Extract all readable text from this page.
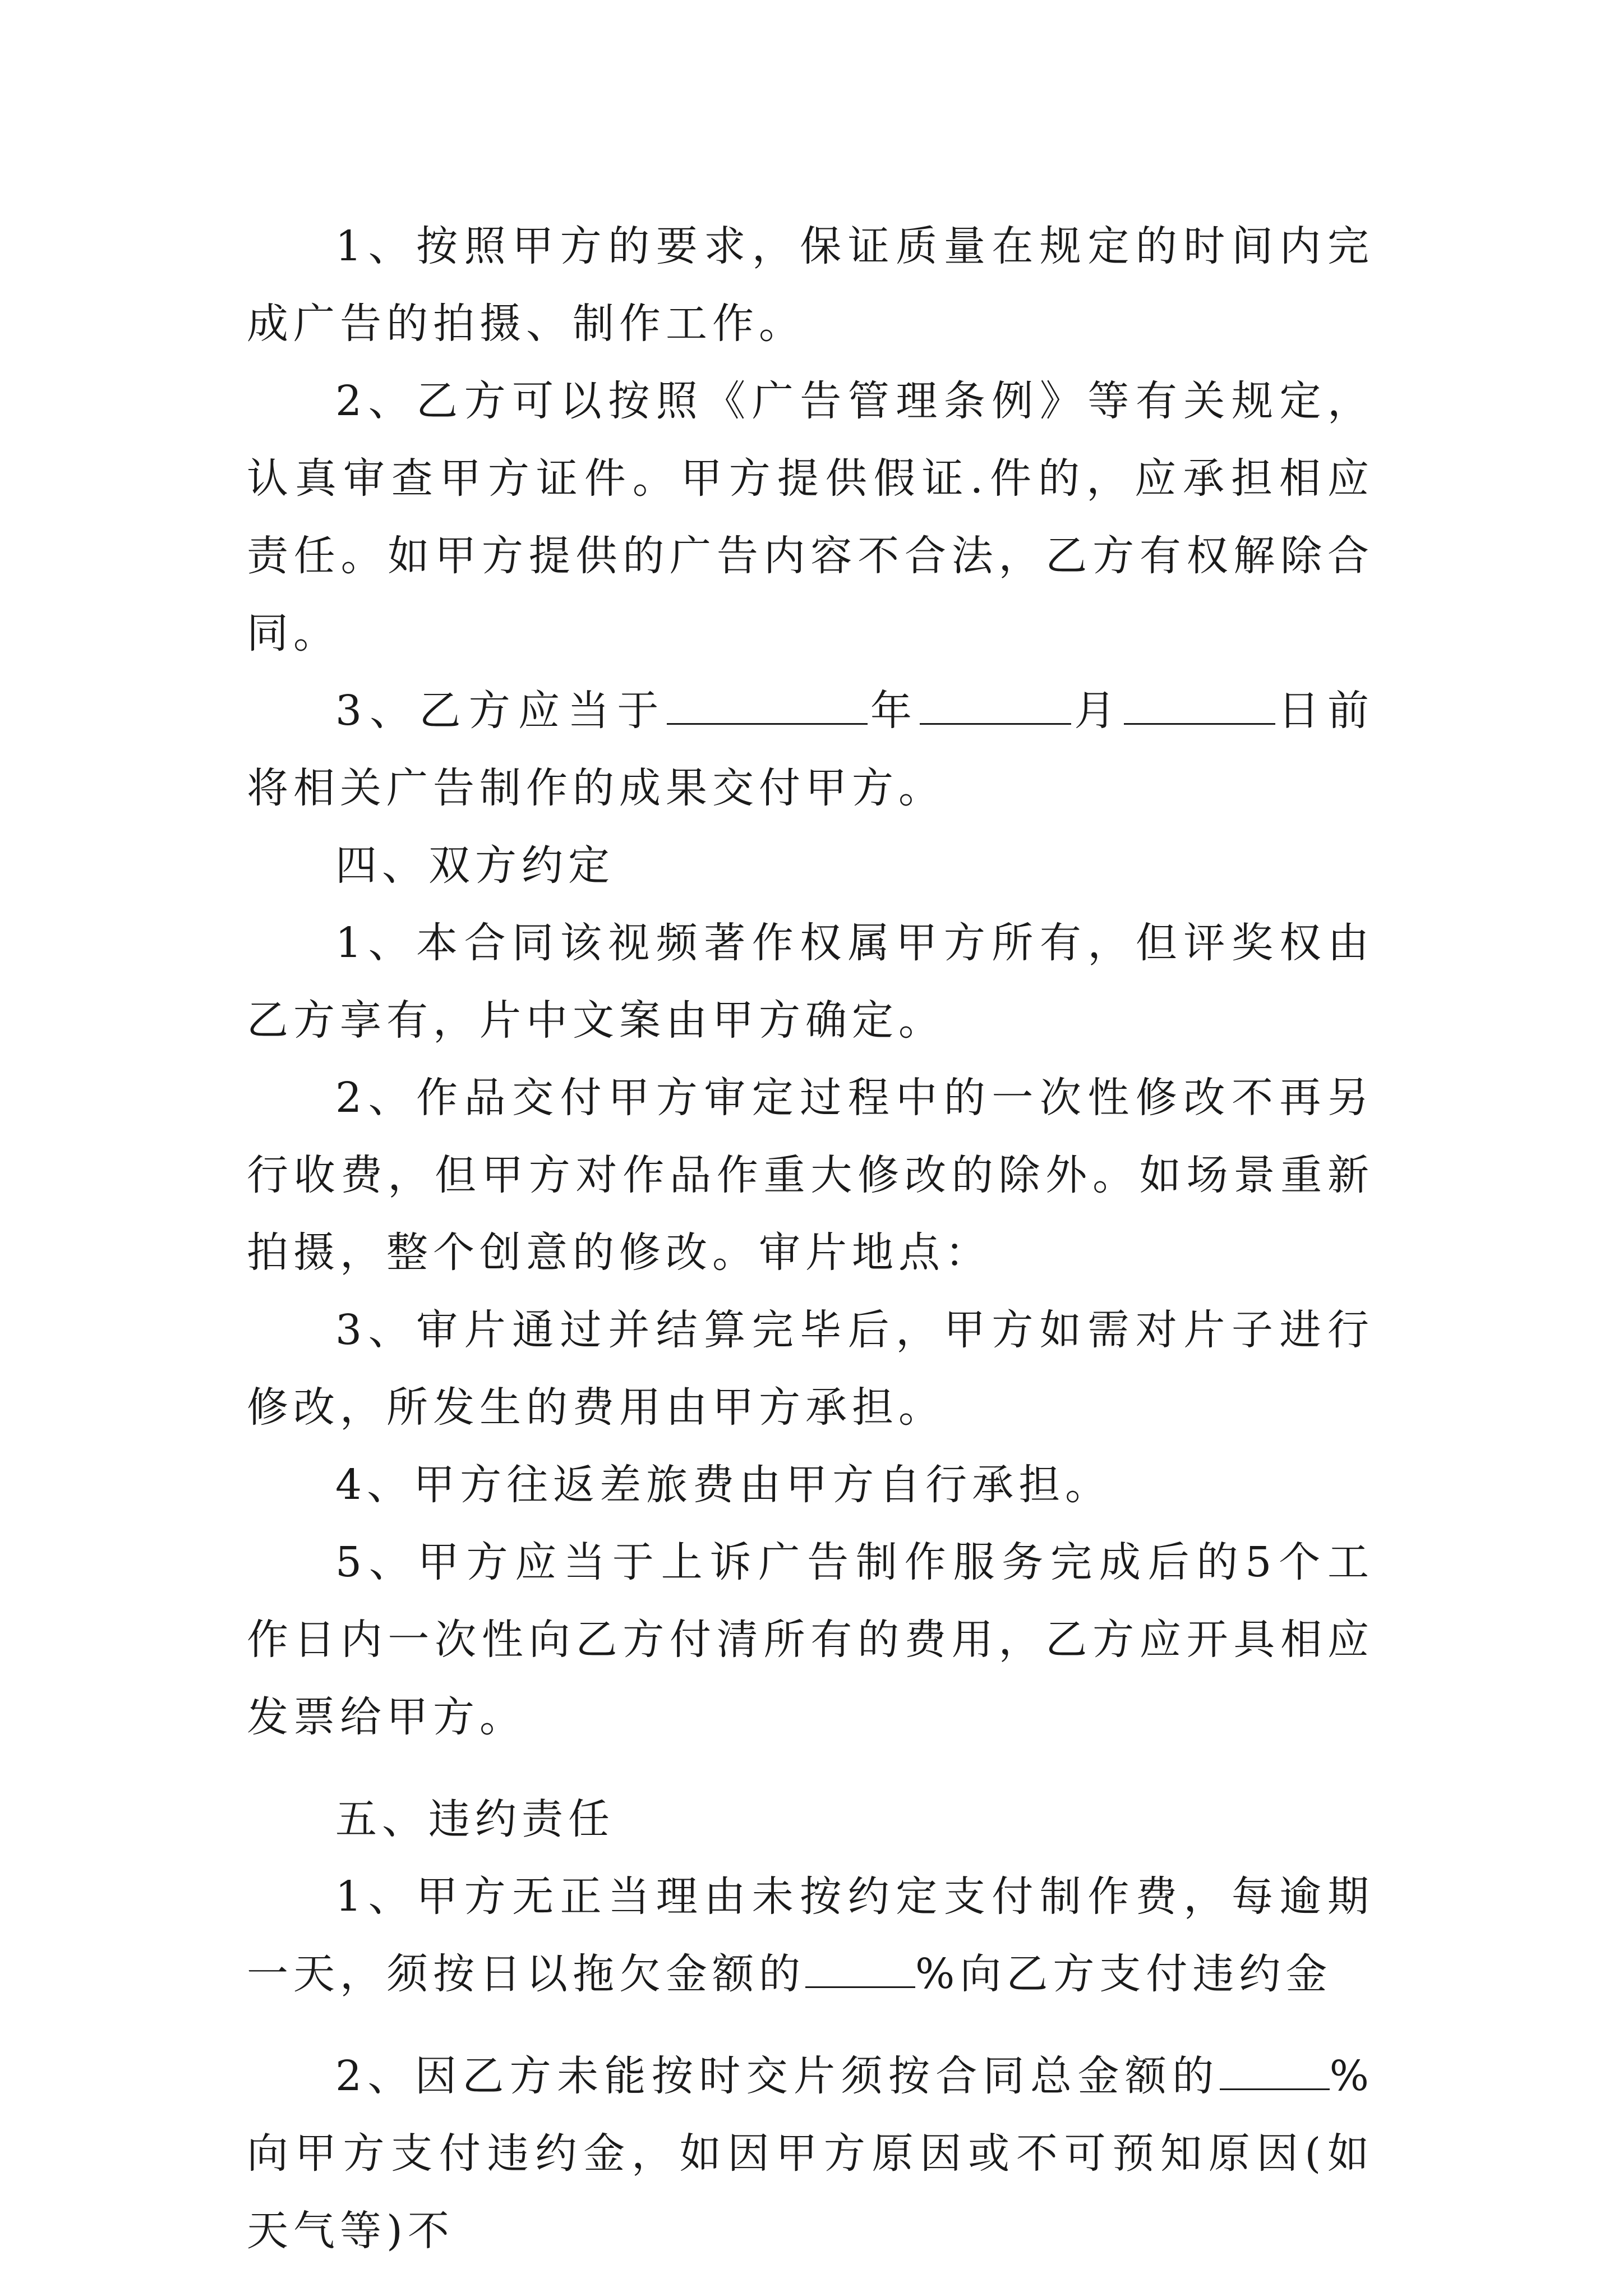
1、按照甲方的要求，保证质量在规定的时间内完成广告的拍摄、制作工作。

2、乙方可以按照《广告管理条例》等有关规定，认真审查甲方证件。甲方提供假证.件的，应承担相应责任。如甲方提供的广告内容不合法，乙方有权解除合同。

3、乙方应当于	年	月	日前将相关广告制作的成果交付甲方。

四、双方约定

1、本合同该视频著作权属甲方所有，但评奖权由乙方享有，片中文案由甲方确定。

2、作品交付甲方审定过程中的一次性修改不再另行收费，但甲方对作品作重大修改的除外。如场景重新拍摄，整个创意的修改。审片地点：

3、审片通过并结算完毕后，甲方如需对片子进行修改，所发生的费用由甲方承担。

4、甲方往返差旅费由甲方自行承担。

5、甲方应当于上诉广告制作服务完成后的5个工作日内一次性向乙方付清所有的费用，乙方应开具相应发票给甲方。

五、违约责任

1、甲方无正当理由未按约定支付制作费，每逾期一天，须按日以拖欠金额的	%向乙方支付违约金

2、因乙方未能按时交片须按合同总金额的	%向甲方支付违约金，如因甲方原因或不可预知原因(如天气等)不
